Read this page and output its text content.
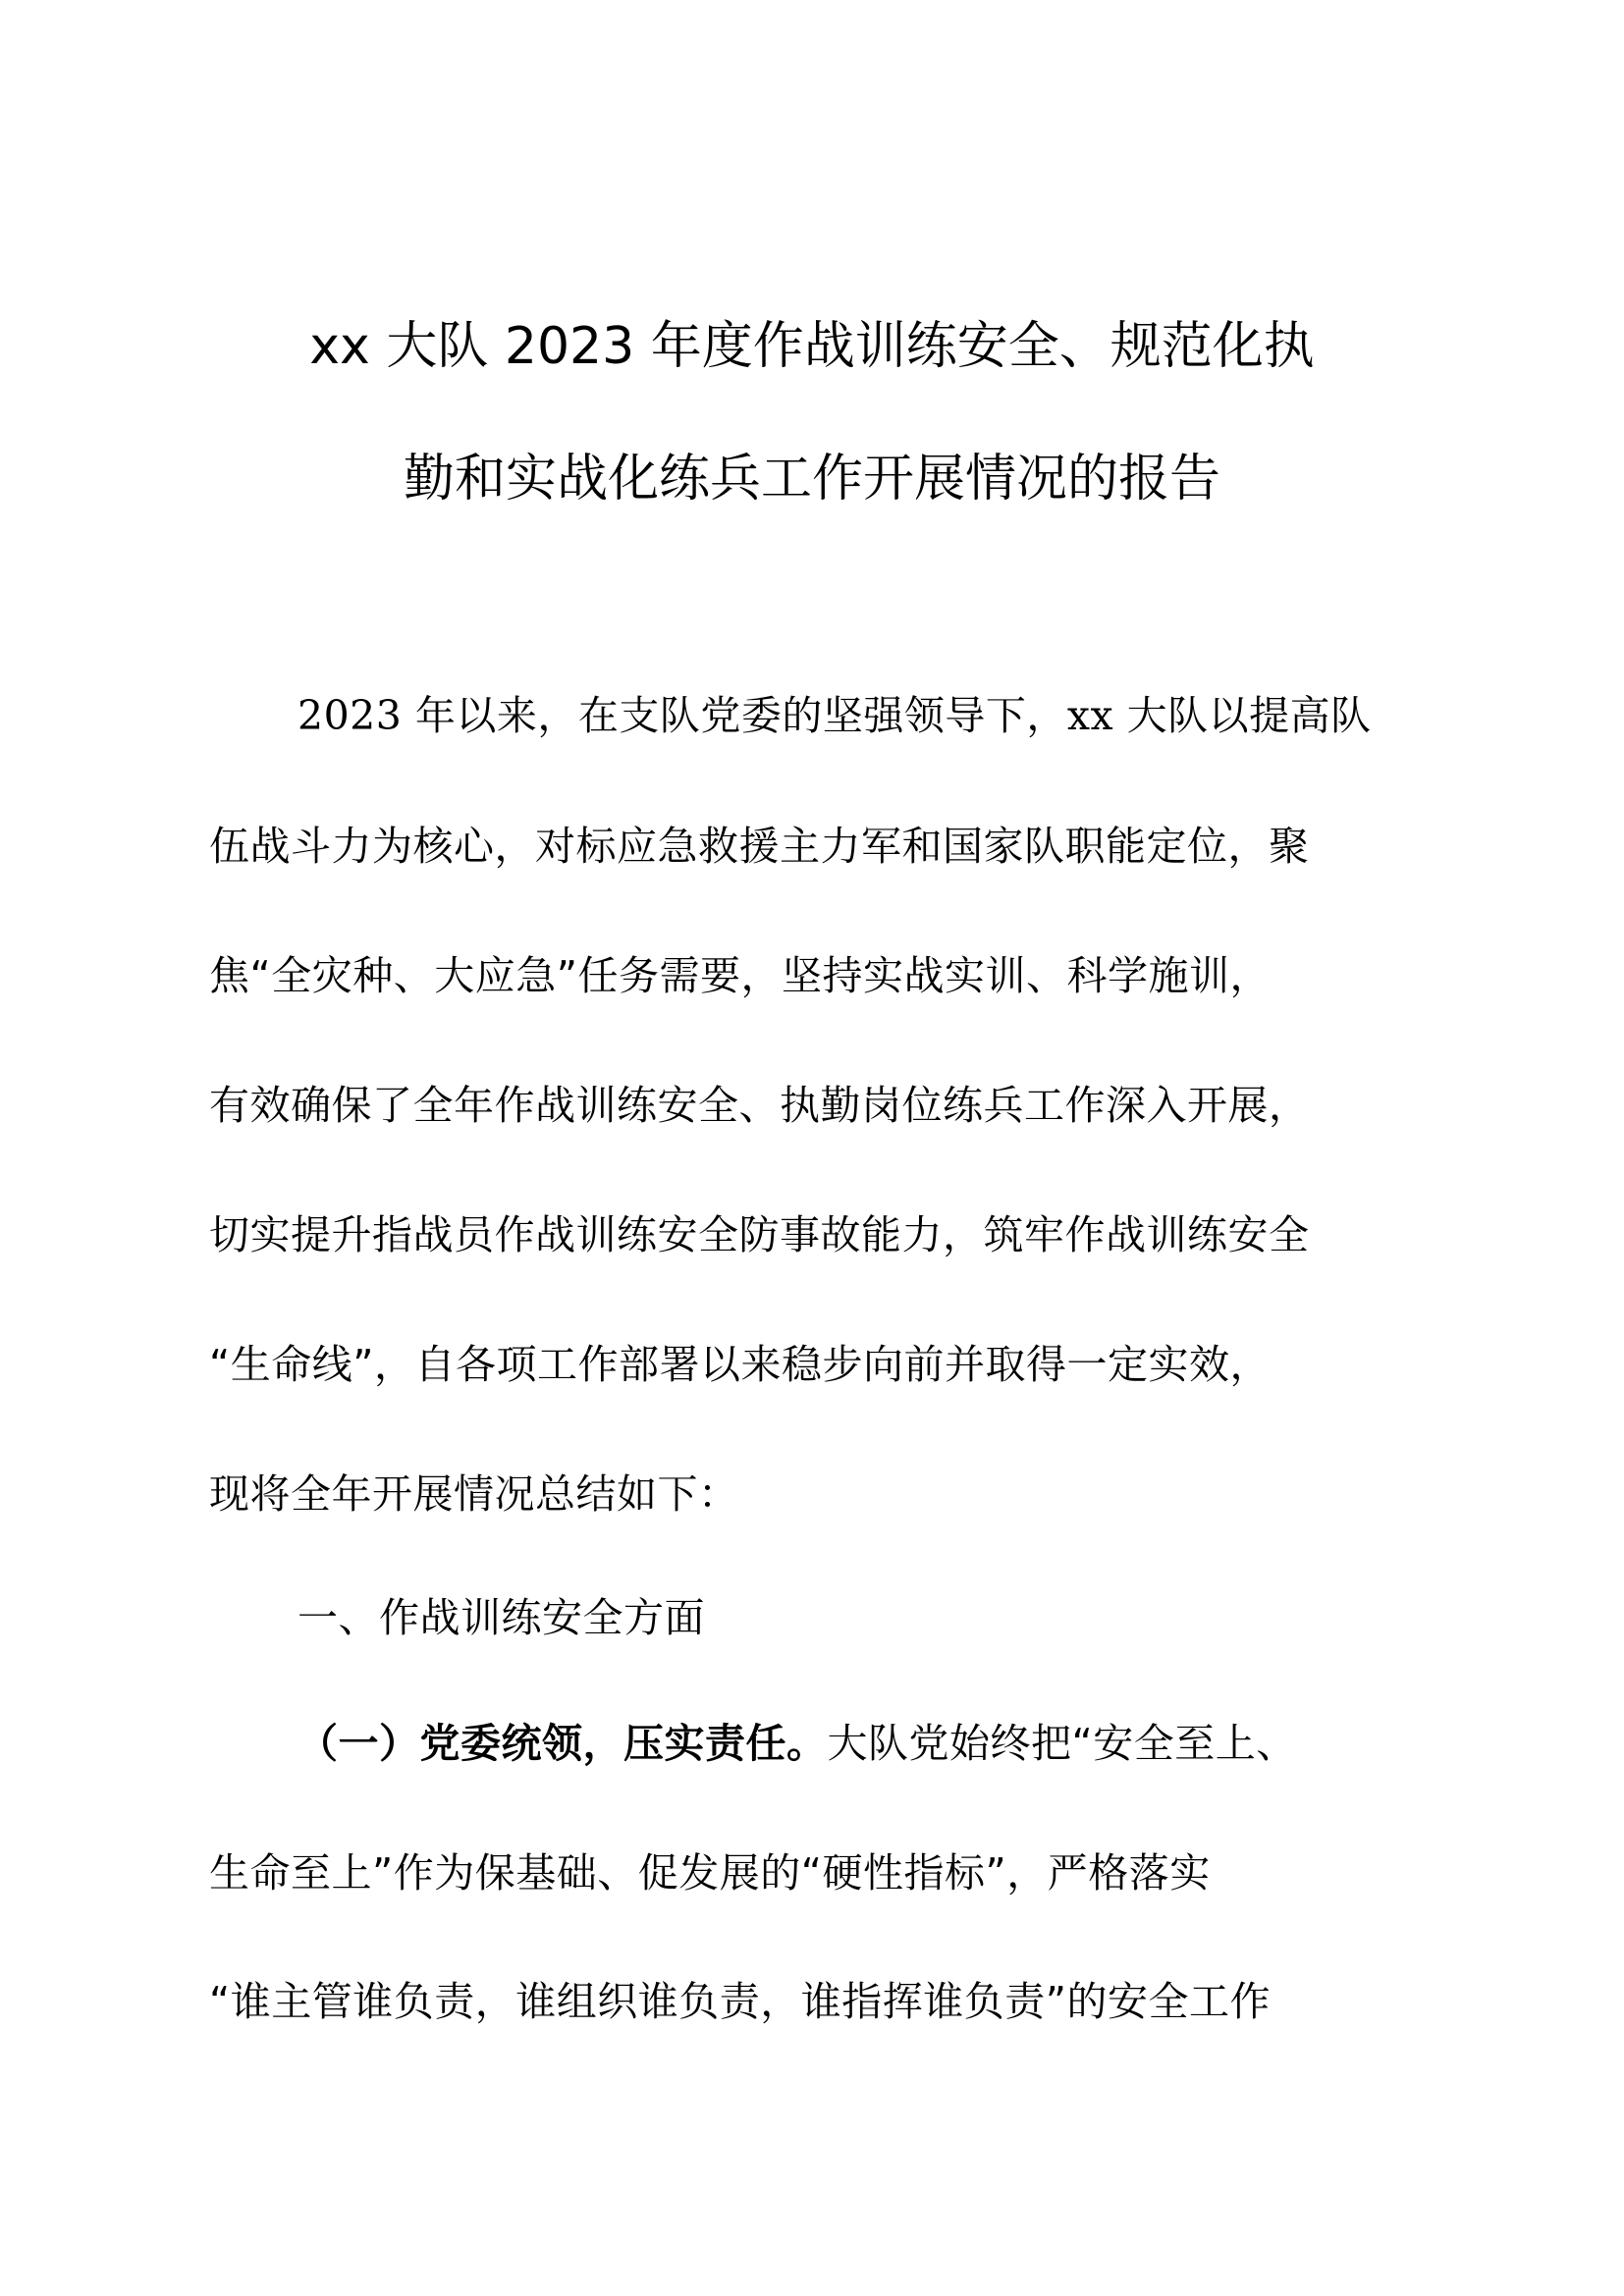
xx 大队 2023 年度作战训练安全、规范化执
勤和实战化练兵工作开展情况的报告
2023 年以来，在支队党委的坚强领导下，xx 大队以提高队
伍战斗力为核心，对标应急救援主力军和国家队职能定位，聚
焦“全灾种、大应急”任务需要，坚持实战实训、科学施训，
有效确保了全年作战训练安全、执勤岗位练兵工作深入开展，
切实提升指战员作战训练安全防事故能力，筑牢作战训练安全
“生命线”，自各项工作部署以来稳步向前并取得一定实效，
现将全年开展情况总结如下：
一、作战训练安全方面
（一）党委统领，压实责任。大队党始终把“安全至上、
生命至上”作为保基础、促发展的“硬性指标”，严格落实
“谁主管谁负责，谁组织谁负责，谁指挥谁负责”的安全工作
